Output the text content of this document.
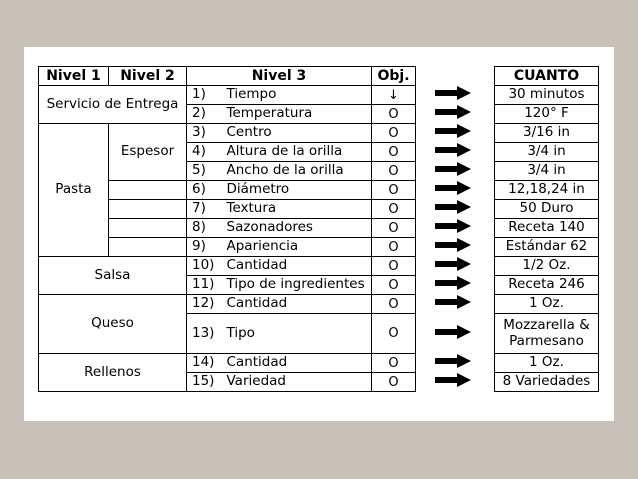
Nivel 1	Nivel 2	Nivel 3		Obj.				CUANTO
Servicio de Entrega		1)	Tiempo	↓				30 minutos
		2)	Temperatura	O				120° F
Pasta	Espesor	3)	Centro	O				3/16 in
		4)	Altura de la orilla	O				3/4 in
		5)	Ancho de la orilla	O				3/4 in
		6)	Diámetro	O				12,18,24 in
		7)	Textura	O				50 Duro
		8)	Sazonadores	O				Receta 140
		9)	Apariencia	O				Estándar 62
Salsa		10)	Cantidad	O				1/2 Oz.
		11)	Tipo de ingredientes	O				Receta 246
Queso		12)	Cantidad	O				1 Oz.
		13)	Tipo	O				Mozzarella & Parmesano
Rellenos		14)	Cantidad	O				1 Oz.
		15)	Variedad	O				8 Variedades
